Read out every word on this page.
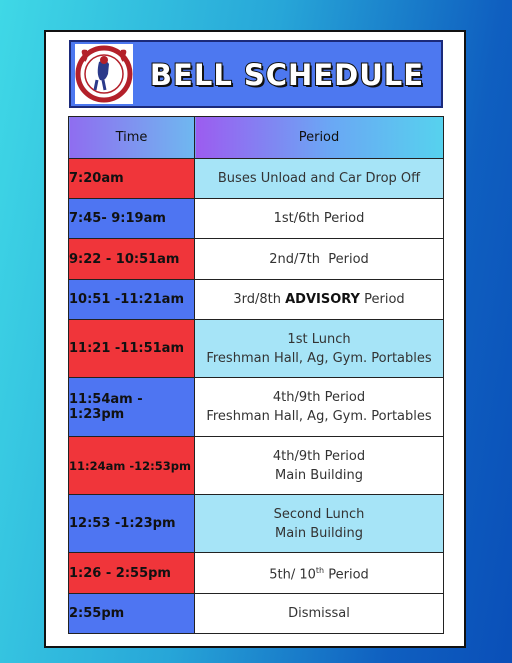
BELL SCHEDULE
Time	Period
7:20am	Buses Unload and Car Drop Off
7:45- 9:19am	1st/6th Period
9:22 - 10:51am	2nd/7th  Period
10:51 -11:21am	3rd/8th ADVISORY Period
11:21 -11:51am	1st Lunch
Freshman Hall, Ag, Gym. Portables

11:54am - 1:23pm	4th/9th Period
Freshman Hall, Ag, Gym. Portables

11:24am -12:53pm	4th/9th Period
Main Building

12:53 -1:23pm	Second Lunch
Main Building

1:26 - 2:55pm	5th/ 10th Period
2:55pm	Dismissal
